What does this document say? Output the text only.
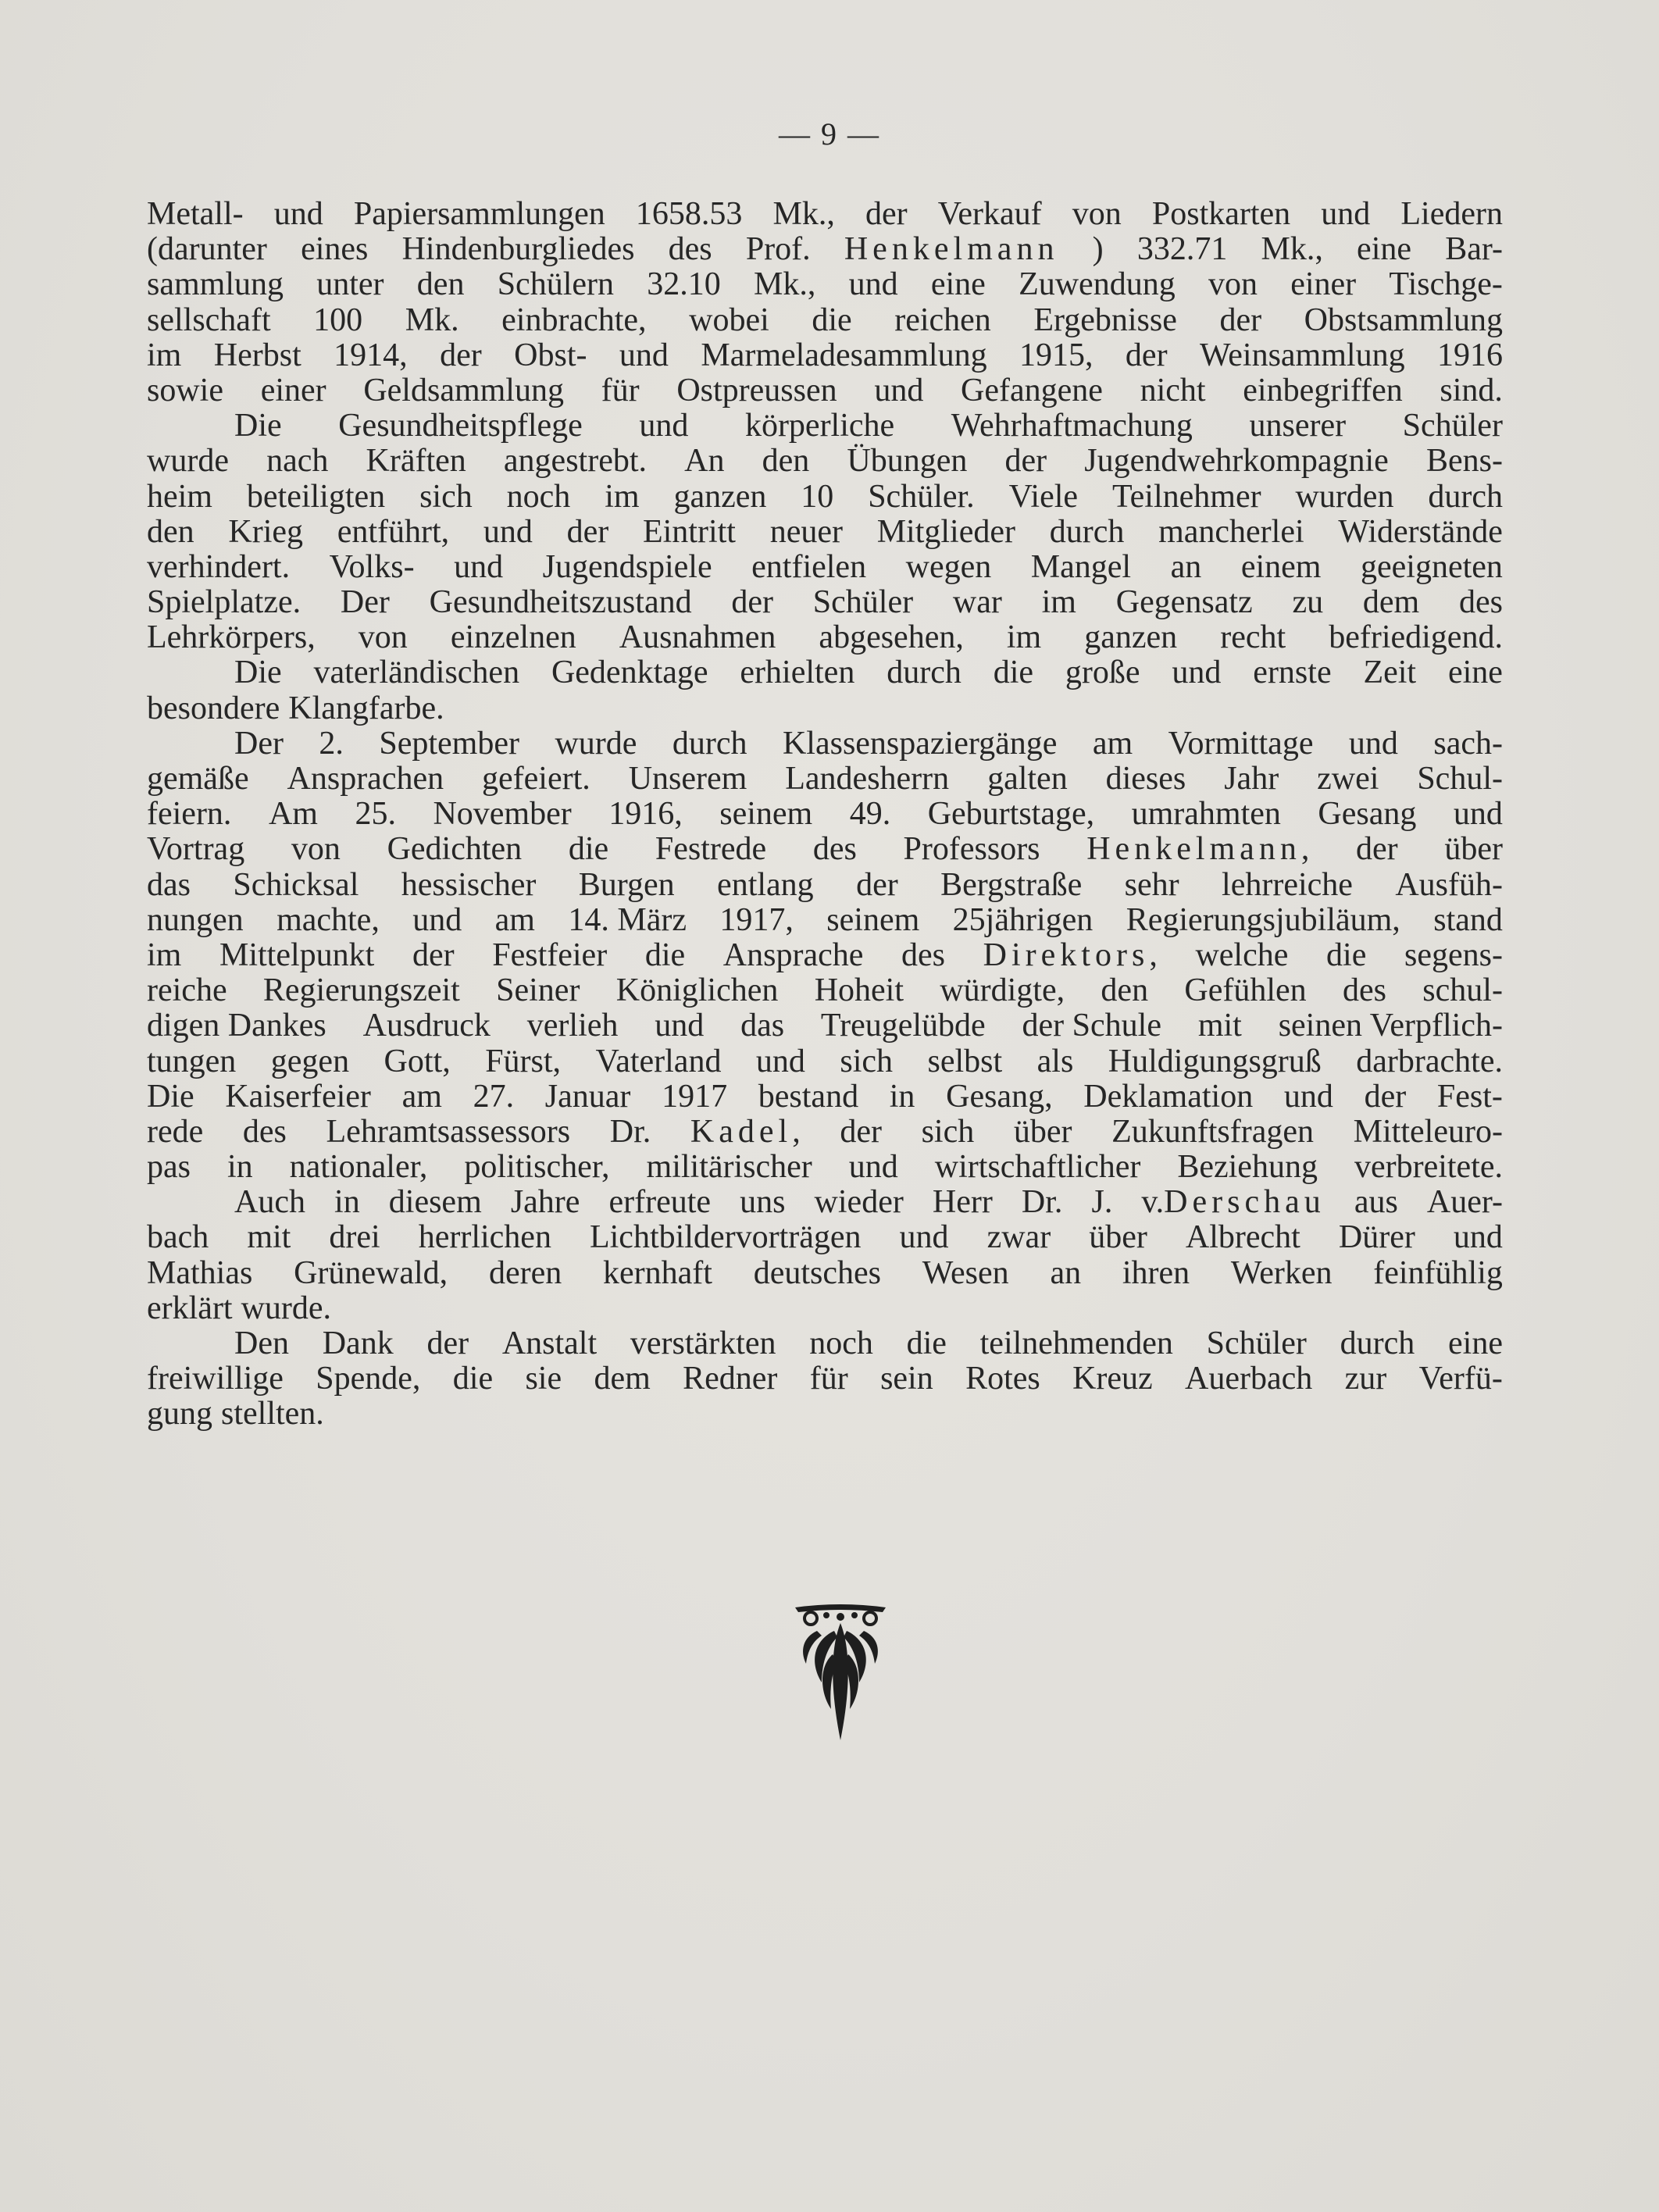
— 9 —
Metall- und Papiersammlungen 1658.53 Mk., der Verkauf von Postkarten und Liedern
(darunter eines Hindenburgliedes des Prof. Henkelmann ) 332.71 Mk., eine Bar-
sammlung unter den Schülern 32.10 Mk., und eine Zuwendung von einer Tischge-
sellschaft 100 Mk. einbrachte, wobei die reichen Ergebnisse der Obstsammlung
im Herbst 1914, der Obst- und Marmeladesammlung 1915, der Weinsammlung 1916
sowie einer Geldsammlung für Ostpreussen und Gefangene nicht einbegriffen sind.
Die Gesundheitspflege und körperliche Wehrhaftmachung unserer Schüler
wurde nach Kräften angestrebt. An den Übungen der Jugendwehrkompagnie Bens-
heim beteiligten sich noch im ganzen 10 Schüler. Viele Teilnehmer wurden durch
den Krieg entführt, und der Eintritt neuer Mitglieder durch mancherlei Widerstände
verhindert. Volks- und Jugendspiele entfielen wegen Mangel an einem geeigneten
Spielplatze. Der Gesundheitszustand der Schüler war im Gegensatz zu dem des
Lehrkörpers, von einzelnen Ausnahmen abgesehen, im ganzen recht befriedigend.
Die vaterländischen Gedenktage erhielten durch die große und ernste Zeit eine
besondere Klangfarbe.
Der 2. September wurde durch Klassenspaziergänge am Vormittage und sach-
gemäße Ansprachen gefeiert. Unserem Landesherrn galten dieses Jahr zwei Schul-
feiern. Am 25. November 1916, seinem 49. Geburtstage, umrahmten Gesang und
Vortrag von Gedichten die Festrede des Professors Henkelmann, der über
das Schicksal hessischer Burgen entlang der Bergstraße sehr lehrreiche Ausfüh-
nungen machte, und am 14. März 1917, seinem 25jährigen Regierungsjubiläum, stand
im Mittelpunkt der Festfeier die Ansprache des Direktors, welche die segens-
reiche Regierungszeit Seiner Königlichen Hoheit würdigte, den Gefühlen des schul-
digen Dankes Ausdruck verlieh und das Treugelübde der Schule mit seinen Verpflich-
tungen gegen Gott, Fürst, Vaterland und sich selbst als Huldigungsgruß darbrachte.
Die Kaiserfeier am 27. Januar 1917 bestand in Gesang, Deklamation und der Fest-
rede des Lehramtsassessors Dr. Kadel, der sich über Zukunftsfragen Mitteleuro-
pas in nationaler, politischer, militärischer und wirtschaftlicher Beziehung verbreitete.
Auch in diesem Jahre erfreute uns wieder Herr Dr. J. v.Derschau aus Auer-
bach mit drei herrlichen Lichtbildervorträgen und zwar über Albrecht Dürer und
Mathias Grünewald, deren kernhaft deutsches Wesen an ihren Werken feinfühlig
erklärt wurde.
Den Dank der Anstalt verstärkten noch die teilnehmenden Schüler durch eine
freiwillige Spende, die sie dem Redner für sein Rotes Kreuz Auerbach zur Verfü-
gung stellten.
